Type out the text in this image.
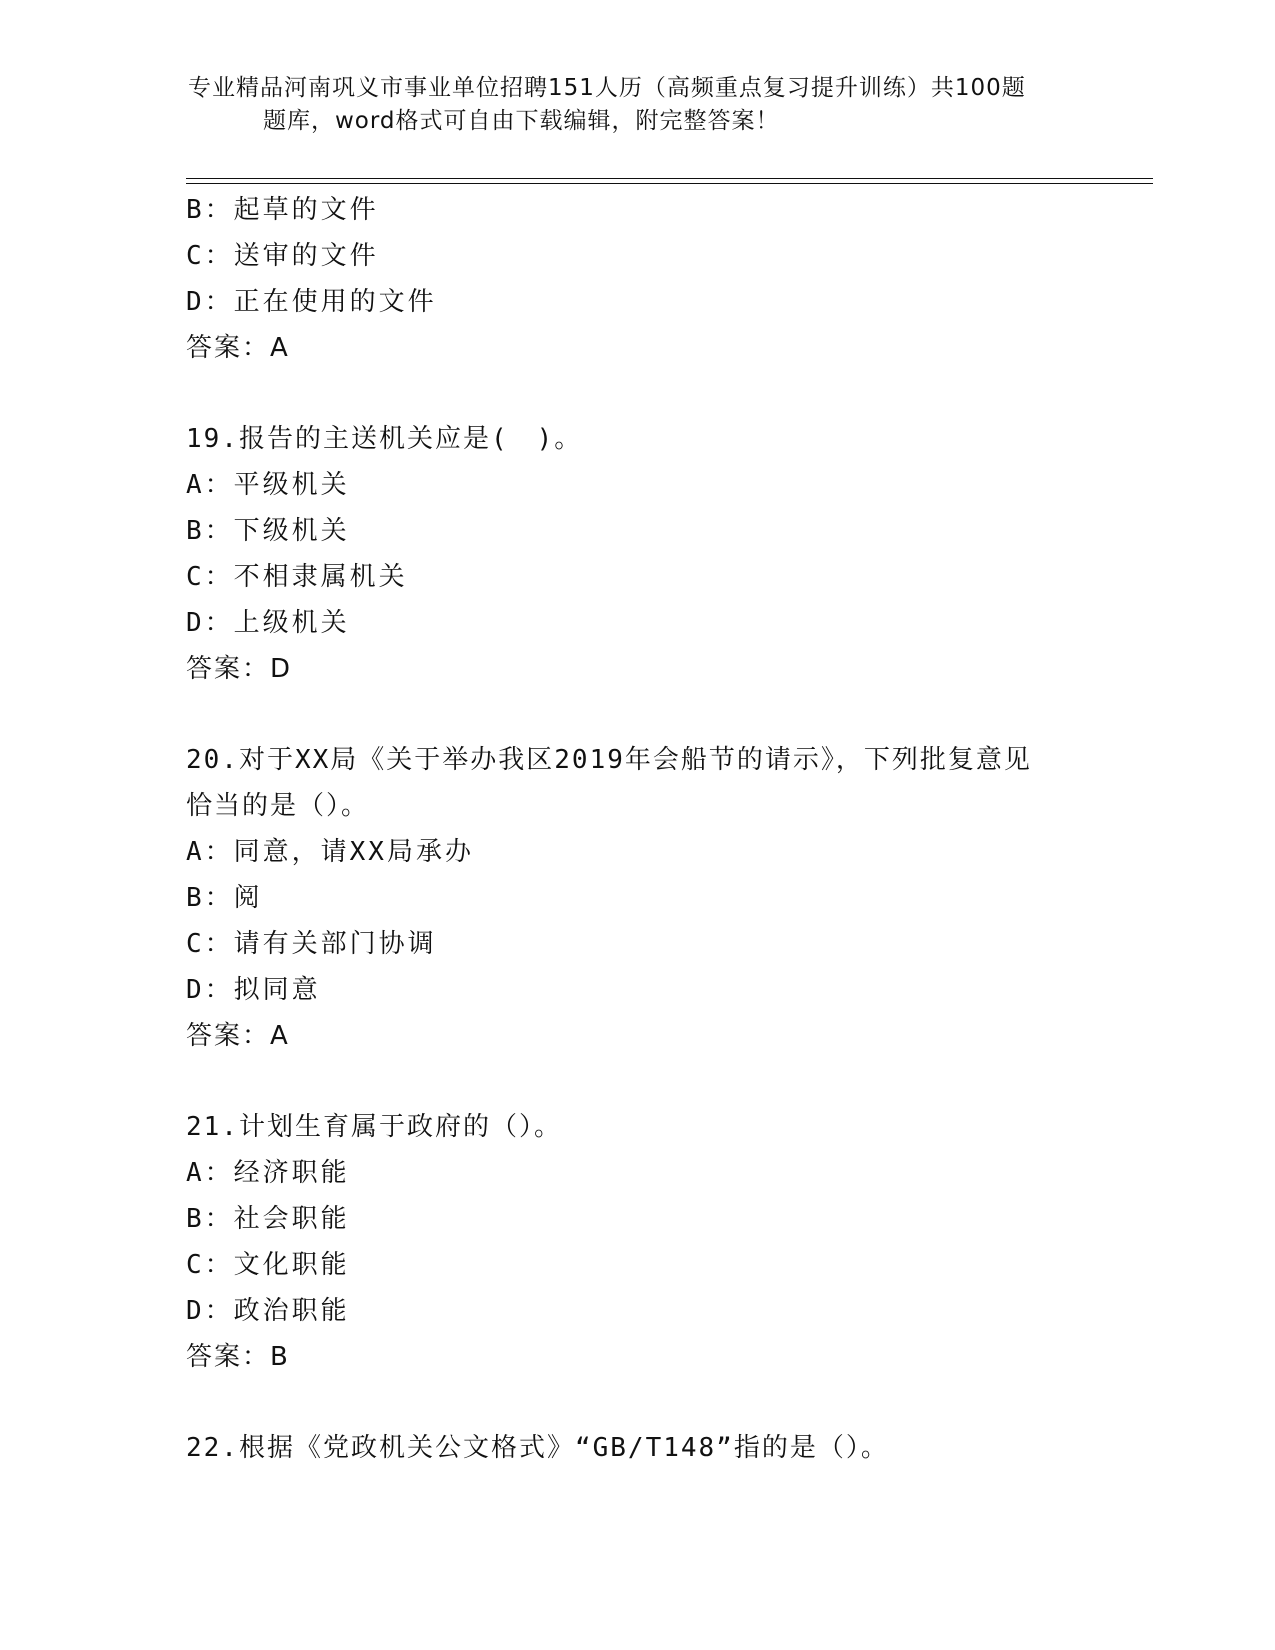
专业精品河南巩义市事业单位招聘151人历（高频重点复习提升训练）共100题
题库，word格式可自由下载编辑，附完整答案！
B：起草的文件
C：送审的文件
D：正在使用的文件
答案：A
19.报告的主送机关应是(　)。
A：平级机关
B：下级机关
C：不相隶属机关
D：上级机关
答案：D
20.对于XX局《关于举办我区2019年会船节的请示》，下列批复意见
恰当的是（）。
A：同意，请XX局承办
B：阅
C：请有关部门协调
D：拟同意
答案：A
21.计划生育属于政府的（）。
A：经济职能
B：社会职能
C：文化职能
D：政治职能
答案：B
22.根据《党政机关公文格式》“GB/T148”指的是（）。
